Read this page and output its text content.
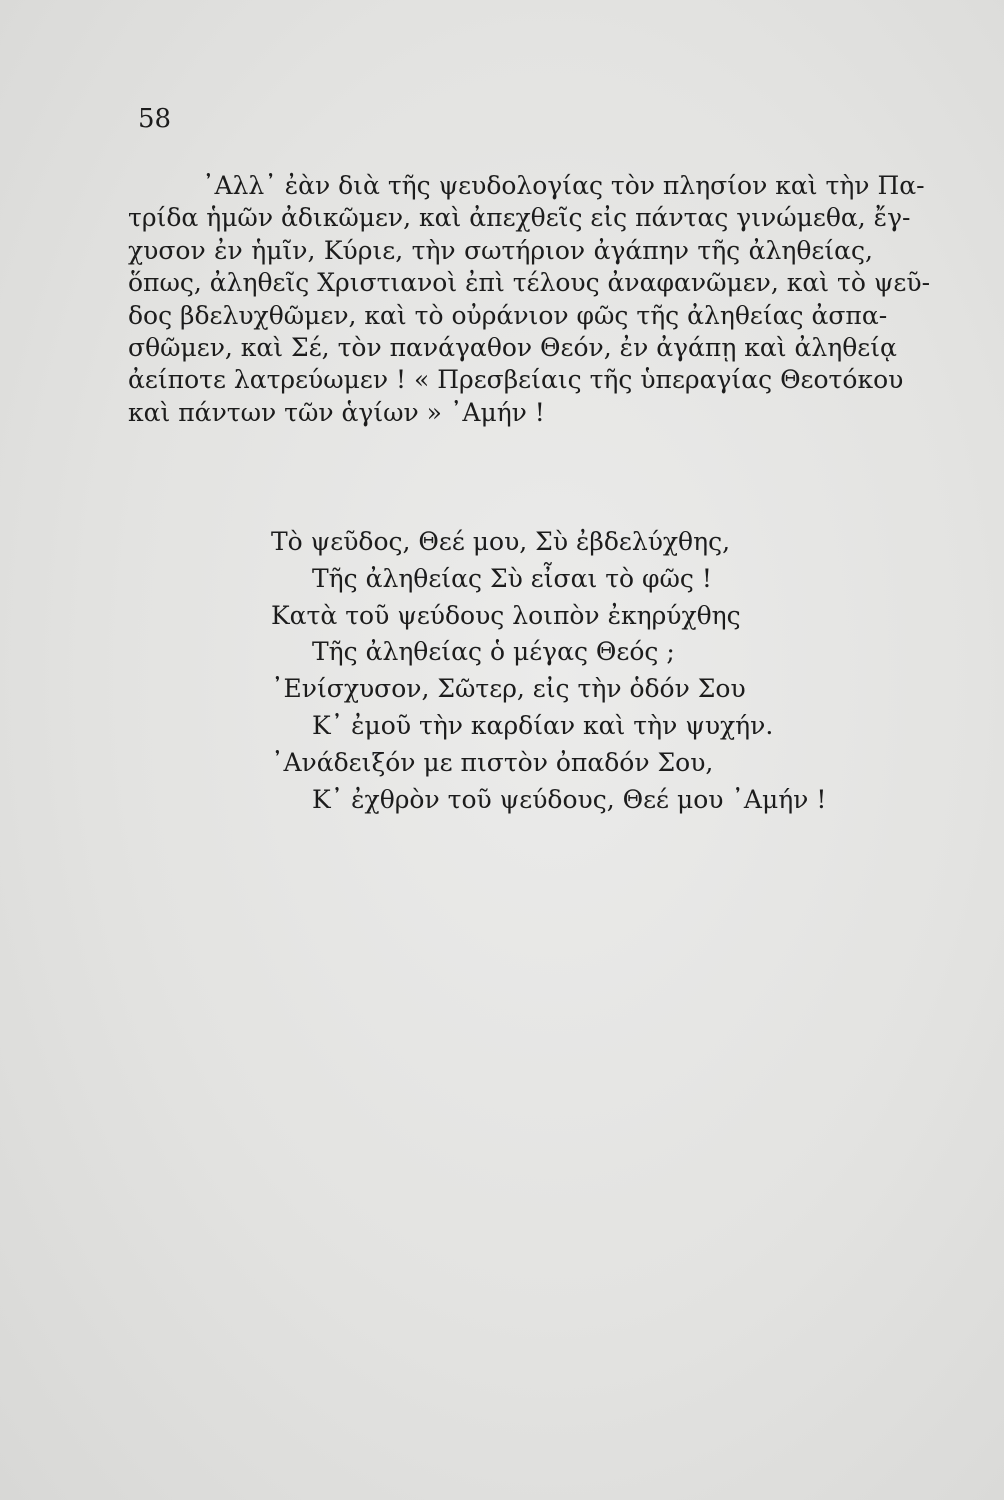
58

᾿Αλλ᾿ ἐὰν διὰ τῆς ψευδολογίας τὸν πλησίον καὶ τὴν Πα-
τρίδα ἡμῶν ἀδικῶμεν, καὶ ἀπεχθεῖς εἰς πάντας γινώμεθα, ἔγ-
χυσον ἐν ἡμῖν, Κύριε, τὴν σωτήριον ἀγάπην τῆς ἀληθείας,
ὅπως, ἀληθεῖς Χριστιανοὶ ἐπὶ τέλους ἀναφανῶμεν, καὶ τὸ ψεῦ-
δος βδελυχθῶμεν, καὶ τὸ οὐράνιον φῶς τῆς ἀληθείας ἀσπα-
σθῶμεν, καὶ Σέ, τὸν πανάγαθον Θεόν, ἐν ἀγάπῃ καὶ ἀληθείᾳ
ἀείποτε λατρεύωμεν ! « Πρεσβείαις τῆς ὑπεραγίας Θεοτόκου
καὶ πάντων τῶν ἁγίων » ᾿Αμήν !
Τὸ ψεῦδος, Θεέ μου, Σὺ ἐβδελύχθης,
Τῆς ἀληθείας Σὺ εἶσαι τὸ φῶς !
Κατὰ τοῦ ψεύδους λοιπὸν ἐκηρύχθης
Τῆς ἀληθείας ὁ μέγας Θεός ;
᾿Ενίσχυσον, Σῶτερ, εἰς τὴν ὁδόν Σου
Κ᾿ ἐμοῦ τὴν καρδίαν καὶ τὴν ψυχήν.
᾿Ανάδειξόν με πιστὸν ὀπαδόν Σου,
Κ᾿ ἐχθρὸν τοῦ ψεύδους, Θεέ μου ᾿Αμήν !
